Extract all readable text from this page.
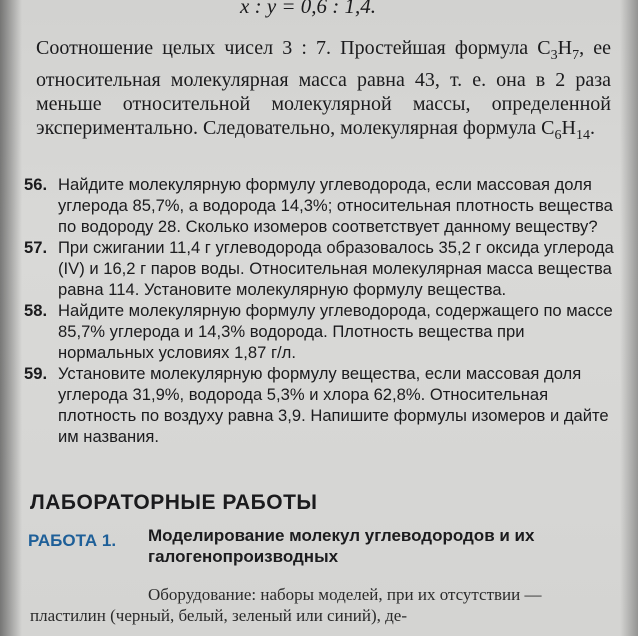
x : y = 0,6 : 1,4.
Соотношение целых чисел 3 : 7. Простейшая формула $C_3H_7$, ее относительная молекулярная масса равна 43, т. е. она в 2 раза меньше относительной молекулярной массы, определенной экспериментально. Следовательно, молекулярная формула $C_6H_{14}$.
56. Найдите молекулярную формулу углеводорода, если массовая доля углерода 85,7%, а водорода 14,3%; относительная плотность вещества по водороду 28. Сколько изомеров соответствует данному веществу?
57. При сжигании 11,4 г углеводорода образовалось 35,2 г оксида углерода (IV) и 16,2 г паров воды. Относительная молекулярная масса вещества равна 114. Установите молекулярную формулу вещества.
58. Найдите молекулярную формулу углеводорода, содержащего по массе 85,7% углерода и 14,3% водорода. Плотность вещества при нормальных условиях 1,87 г/л.
59. Установите молекулярную формулу вещества, если массовая доля углерода 31,9%, водорода 5,3% и хлора 62,8%. Относительная плотность по воздуху равна 3,9. Напишите формулы изомеров и дайте им названия.
ЛАБОРАТОРНЫЕ РАБОТЫ
РАБОТА 1. Моделирование молекул углеводородов и их галогенопроизводных
Оборудование: наборы моделей, при их отсутствии — пластилин (черный, белый, зеленый или синий), де-
